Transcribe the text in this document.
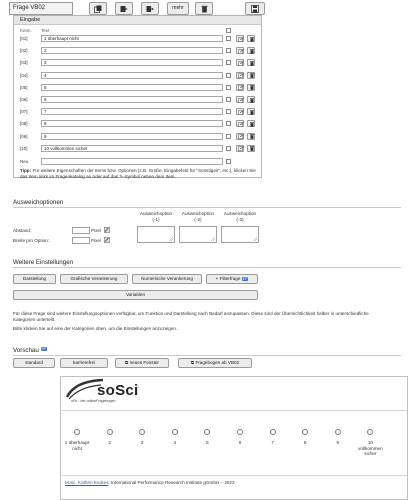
Frage VB02	mehr
Eingabe
Kenn. Text
[01]	1 überhaupt nicht
[02]	2
[03]	3
[04]	4
[05]	5
[06]	6
[07]	7
[08]	8
[09]	9
[10]	10 vollkommen sicher
Neu
Tipp: Für weitere Eigenschaften der Items bzw. Optionen (z.B. Größe, Eingabefeld für "Sonstiges", etc.), klicken Sie das Item links im Fragenkatalog an oder auf das ✎-Symbol neben dem Item.
Ausweichoptionen
Abstand:	Pixel
Breite pro Option:	Pixel
Ausweichoption
(-1)
Ausweichoption
(-2)
Ausweichoption
(-3)
Weitere Einstellungen
Darstellung	Grafische Verankerung	Numerische Verankerung	⑂ Filterfrage EP
Variablen
Für diese Frage sind weitere Einstellungsoptionen verfügbar, um Funktion und Darstellung nach Bedarf anzupassen. Diese sind der Übersichtlichkeit halber in unterschiedliche Kategorien unterteilt.
Bitte klicken Sie auf eine der Kategorien oben, um die Einstellungen anzuzeigen.
Vorschau $^{EP}$
standard	barrierefrei	⧉ neues Fenster	⧉ Fragebogen ab VB02
soSci
oFb - der onlineFragebogen
M.Sc. Kathrin Endres, International Performance Research Institute gGmbH – 2023
1 überhaupt nicht
2	3	4	5	6	7	8	9	10 vollkommen sicher
